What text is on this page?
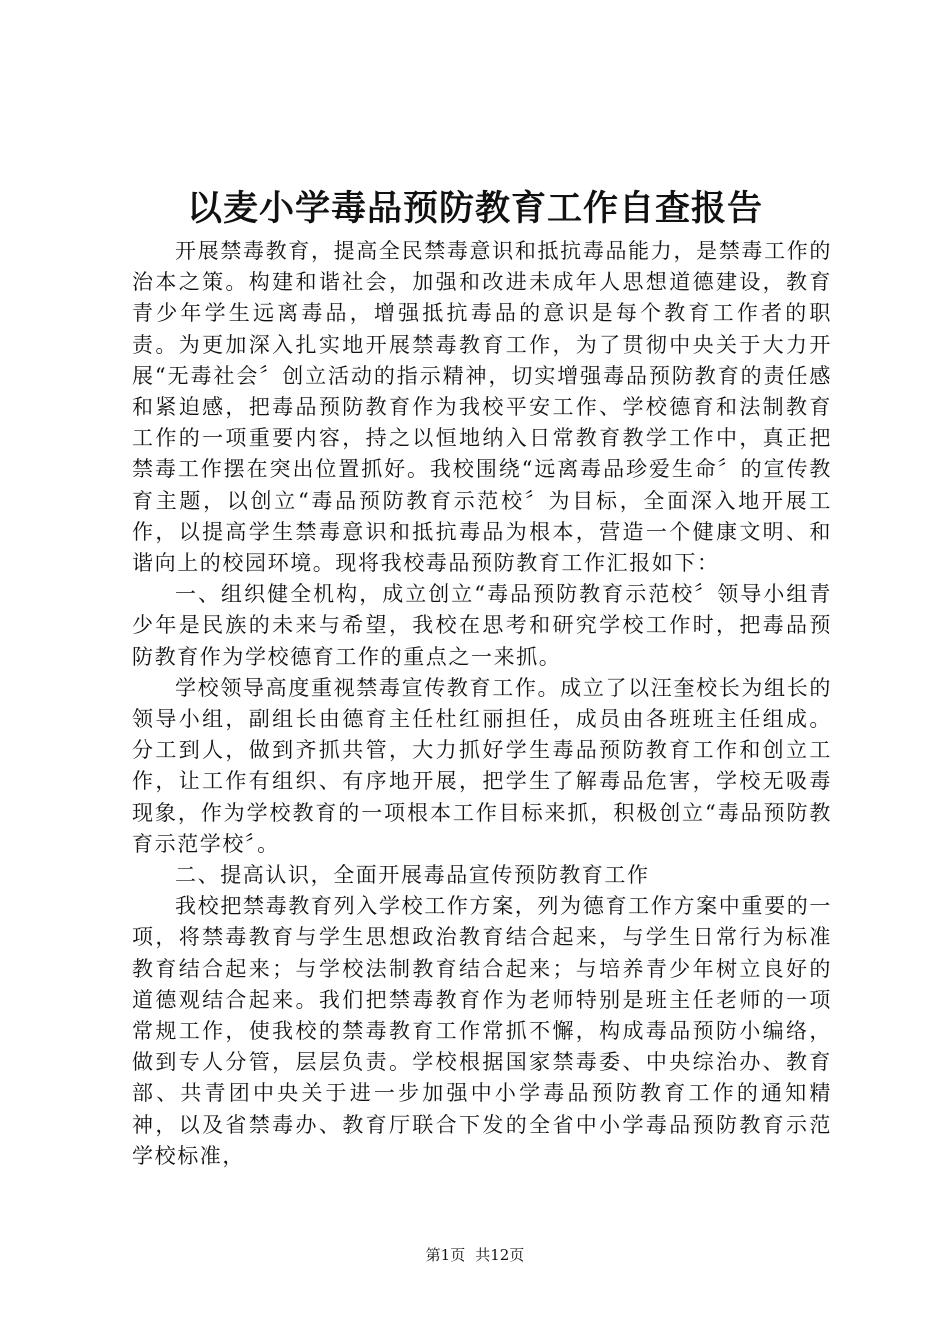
以麦小学毒品预防教育工作自查报告

开展禁毒教育，提高全民禁毒意识和抵抗毒品能力，是禁毒工作的治本之策。构建和谐社会，加强和改进未成年人思想道德建设，教育青少年学生远离毒品，增强抵抗毒品的意识是每个教育工作者的职责。为更加深入扎实地开展禁毒教育工作，为了贯彻中央关于大力开展“无毒社会〞创立活动的指示精神，切实增强毒品预防教育的责任感和紧迫感，把毒品预防教育作为我校平安工作、学校德育和法制教育工作的一项重要内容，持之以恒地纳入日常教育教学工作中，真正把禁毒工作摆在突出位置抓好。我校围绕“远离毒品珍爱生命〞的宣传教育主题，以创立“毒品预防教育示范校〞为目标，全面深入地开展工作，以提高学生禁毒意识和抵抗毒品为根本，营造一个健康文明、和谐向上的校园环境。现将我校毒品预防教育工作汇报如下：

一、组织健全机构，成立创立“毒品预防教育示范校〞领导小组青少年是民族的未来与希望，我校在思考和研究学校工作时，把毒品预防教育作为学校德育工作的重点之一来抓。

学校领导高度重视禁毒宣传教育工作。成立了以汪奎校长为组长的领导小组，副组长由德育主任杜红丽担任，成员由各班班主任组成。分工到人，做到齐抓共管，大力抓好学生毒品预防教育工作和创立工作，让工作有组织、有序地开展，把学生了解毒品危害，学校无吸毒现象，作为学校教育的一项根本工作目标来抓，积极创立“毒品预防教育示范学校〞。

二、提高认识，全面开展毒品宣传预防教育工作

我校把禁毒教育列入学校工作方案，列为德育工作方案中重要的一项，将禁毒教育与学生思想政治教育结合起来，与学生日常行为标准教育结合起来；与学校法制教育结合起来；与培养青少年树立良好的道德观结合起来。我们把禁毒教育作为老师特别是班主任老师的一项常规工作，使我校的禁毒教育工作常抓不懈，构成毒品预防小编络，做到专人分管，层层负责。学校根据国家禁毒委、中央综治办、教育部、共青团中央关于进一步加强中小学毒品预防教育工作的通知精神，以及省禁毒办、教育厅联合下发的全省中小学毒品预防教育示范学校标准，

第1页 共12页
